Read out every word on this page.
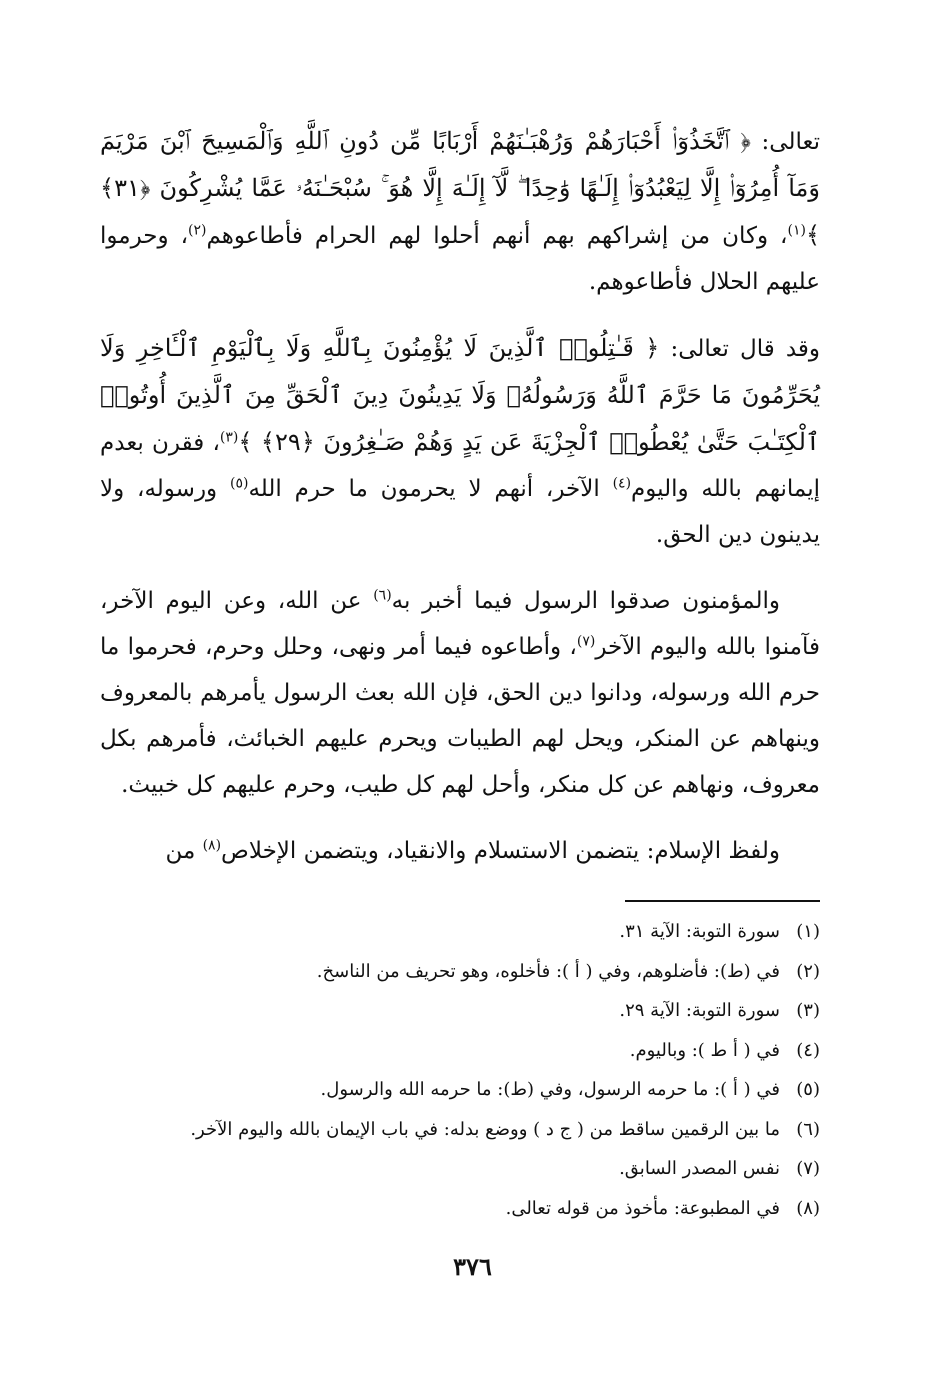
تعالى: ﴿ ٱتَّخَذُوٓا۟ أَحْبَارَهُمْ وَرُهْبَـٰنَهُمْ أَرْبَابًا مِّن دُونِ ٱللَّهِ وَٱلْمَسِيحَ ٱبْنَ مَرْيَمَ وَمَآ أُمِرُوٓا۟ إِلَّا لِيَعْبُدُوٓا۟ إِلَـٰهًا وَٰحِدًا ۖ لَّآ إِلَـٰهَ إِلَّا هُوَ ۚ سُبْحَـٰنَهُۥ عَمَّا يُشْرِكُونَ ﴿٣١﴾ ﴾$^{(١)}$، وكان من إشراكهم بهم أنهم أحلوا لهم الحرام فأطاعوهم$^{(٢)}$، وحرموا عليهم الحلال فأطاعوهم.

وقد قال تعالى: ﴿ قَـٰتِلُوا۟ ٱلَّذِينَ لَا يُؤْمِنُونَ بِٱللَّهِ وَلَا بِٱلْيَوْمِ ٱلْـَٔاخِرِ وَلَا يُحَرِّمُونَ مَا حَرَّمَ ٱللَّهُ وَرَسُولُهُۥ وَلَا يَدِينُونَ دِينَ ٱلْحَقِّ مِنَ ٱلَّذِينَ أُوتُوا۟ ٱلْكِتَـٰبَ حَتَّىٰ يُعْطُوا۟ ٱلْجِزْيَةَ عَن يَدٍ وَهُمْ صَـٰغِرُونَ ﴿٢٩﴾ ﴾$^{(٣)}$، فقرن بعدم إيمانهم بالله واليوم$^{(٤)}$ الآخر، أنهم لا يحرمون ما حرم الله$^{(٥)}$ ورسوله، ولا يدينون دين الحق.

والمؤمنون صدقوا الرسول فيما أخبر به$^{(٦)}$ عن الله، وعن اليوم الآخر، فآمنوا بالله واليوم الآخر$^{(٧)}$، وأطاعوه فيما أمر ونهى، وحلل وحرم، فحرموا ما حرم الله ورسوله، ودانوا دين الحق، فإن الله بعث الرسول يأمرهم بالمعروف وينهاهم عن المنكر، ويحل لهم الطيبات ويحرم عليهم الخبائث، فأمرهم بكل معروف، ونهاهم عن كل منكر، وأحل لهم كل طيب، وحرم عليهم كل خبيث.

ولفظ الإسلام: يتضمن الاستسلام والانقياد، ويتضمن الإخلاص$^{(٨)}$ من

(١)
سورة التوبة: الآية ٣١.
(٢)
في (ط): فأضلوهم، وفي ( أ ): فأخلوه، وهو تحريف من الناسخ.
(٣)
سورة التوبة: الآية ٢٩.
(٤)
في ( أ ط ): وباليوم.
(٥)
في ( أ ): ما حرمه الرسول، وفي (ط): ما حرمه الله والرسول.
(٦)
ما بين الرقمين ساقط من ( ج د ) ووضع بدله: في باب الإيمان بالله واليوم الآخر.
(٧)
نفس المصدر السابق.
(٨)
في المطبوعة: مأخوذ من قوله تعالى.
٣٧٦
